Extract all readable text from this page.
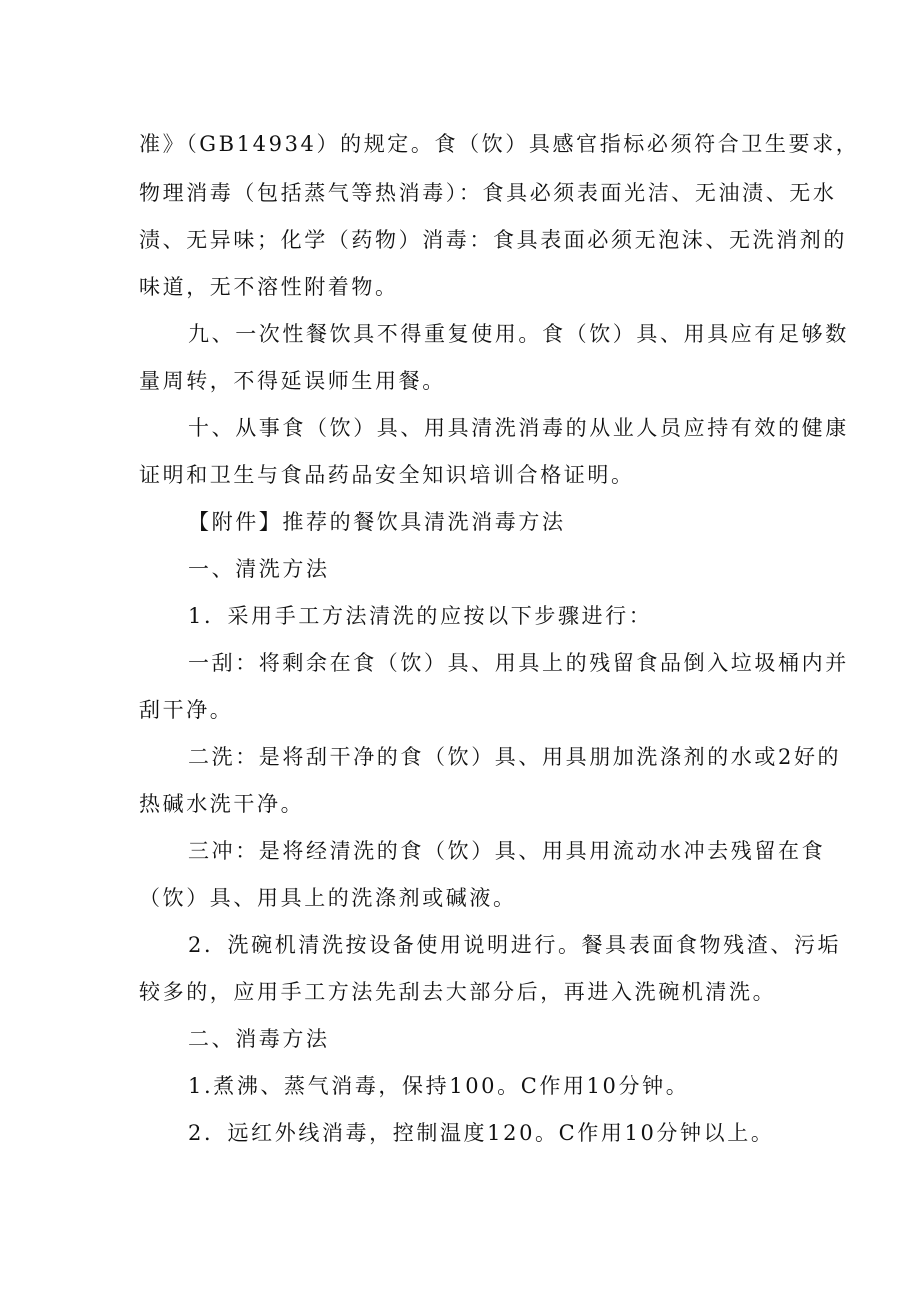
准》（GB14934）的规定。食（饮）具感官指标必须符合卫生要求，
物理消毒（包括蒸气等热消毒）：食具必须表面光洁、无油渍、无水
渍、无异味；化学（药物）消毒：食具表面必须无泡沫、无洗消剂的
味道，无不溶性附着物。
九、一次性餐饮具不得重复使用。食（饮）具、用具应有足够数
量周转，不得延误师生用餐。
十、从事食（饮）具、用具清洗消毒的从业人员应持有效的健康
证明和卫生与食品药品安全知识培训合格证明。
【附件】推荐的餐饮具清洗消毒方法
一、清洗方法
1．采用手工方法清洗的应按以下步骤进行：
一刮：将剩余在食（饮）具、用具上的残留食品倒入垃圾桶内并
刮干净。
二洗：是将刮干净的食（饮）具、用具朋加洗涤剂的水或2好的
热碱水洗干净。
三冲：是将经清洗的食（饮）具、用具用流动水冲去残留在食
（饮）具、用具上的洗涤剂或碱液。
2．洗碗机清洗按设备使用说明进行。餐具表面食物残渣、污垢
较多的，应用手工方法先刮去大部分后，再进入洗碗机清洗。
二、消毒方法
1.煮沸、蒸气消毒，保持100。C作用10分钟。
2．远红外线消毒，控制温度120。C作用10分钟以上。
